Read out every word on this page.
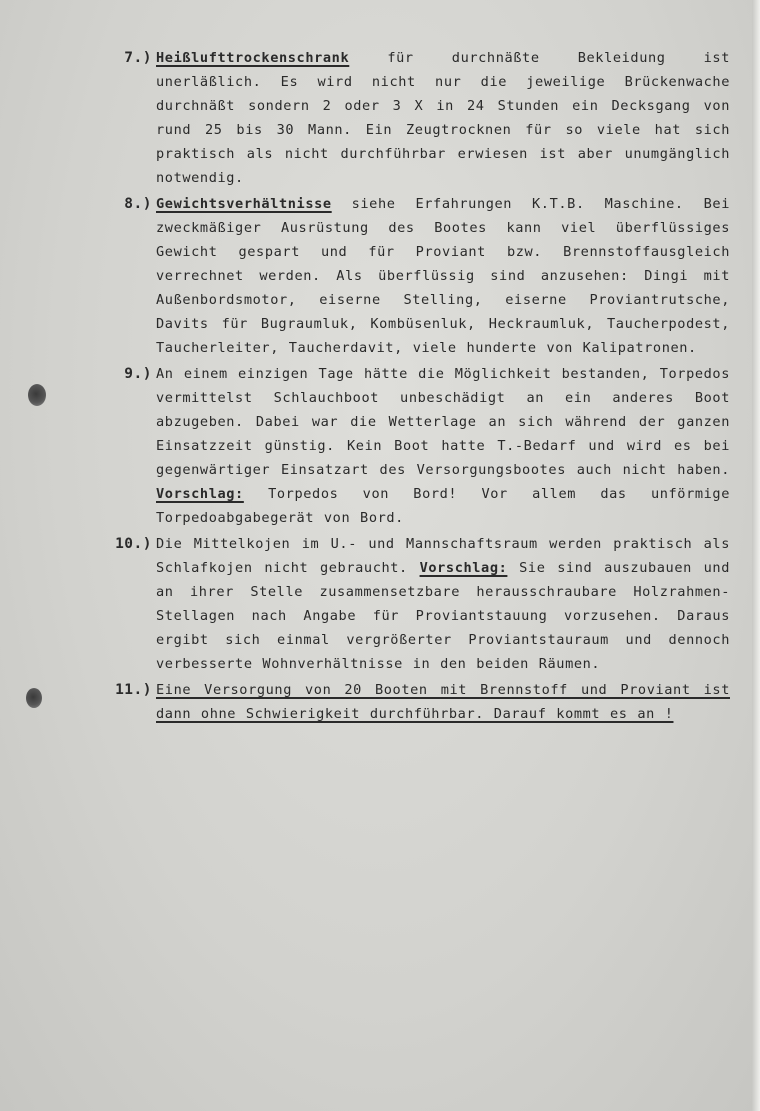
7.) Heißlufttrockenschrank für durchnäßte Bekleidung ist unerläßlich. Es wird nicht nur die jeweilige Brückenwache durchnäßt sondern 2 oder 3 X in 24 Stunden ein Decksgang von rund 25 bis 30 Mann. Ein Zeugtrocknen für so viele hat sich praktisch als nicht durchführbar erwiesen ist aber unumgänglich notwendig.
8.) Gewichtsverhältnisse siehe Erfahrungen K.T.B. Maschine. Bei zweckmäßiger Ausrüstung des Bootes kann viel überflüssiges Gewicht gespart und für Proviant bzw. Brennstoffausgleich verrechnet werden. Als überflüssig sind anzusehen: Dingi mit Außenbordsmotor, eiserne Stelling, eiserne Proviantrutsche, Davits für Bugraumluk, Kombüsenluk, Heckraumluk, Taucherpodest, Taucherleiter, Taucherdavit, viele hunderte von Kalipatronen.
9.) An einem einzigen Tage hätte die Möglichkeit bestanden, Torpedos vermittelst Schlauchboot unbeschädigt an ein anderes Boot abzugeben. Dabei war die Wetterlage an sich während der ganzen Einsatzzeit günstig. Kein Boot hatte T.-Bedarf und wird es bei gegenwärtiger Einsatzart des Versorgungsbootes auch nicht haben. Vorschlag: Torpedos von Bord! Vor allem das unförmige Torpedoabgabegerät von Bord.
10.) Die Mittelkojen im U.- und Mannschaftsraum werden praktisch als Schlafkojen nicht gebraucht. Vorschlag: Sie sind auszubauen und an ihrer Stelle zusammensetzbare herausschraubare Holzrahmen-Stellagen nach Angabe für Proviantstauung vorzusehen. Daraus ergibt sich einmal vergrößerter Proviantstauraum und dennoch verbesserte Wohnverhältnisse in den beiden Räumen.
11.) Eine Versorgung von 20 Booten mit Brennstoff und Proviant ist dann ohne Schwierigkeit durchführbar. Darauf kommt es an !
